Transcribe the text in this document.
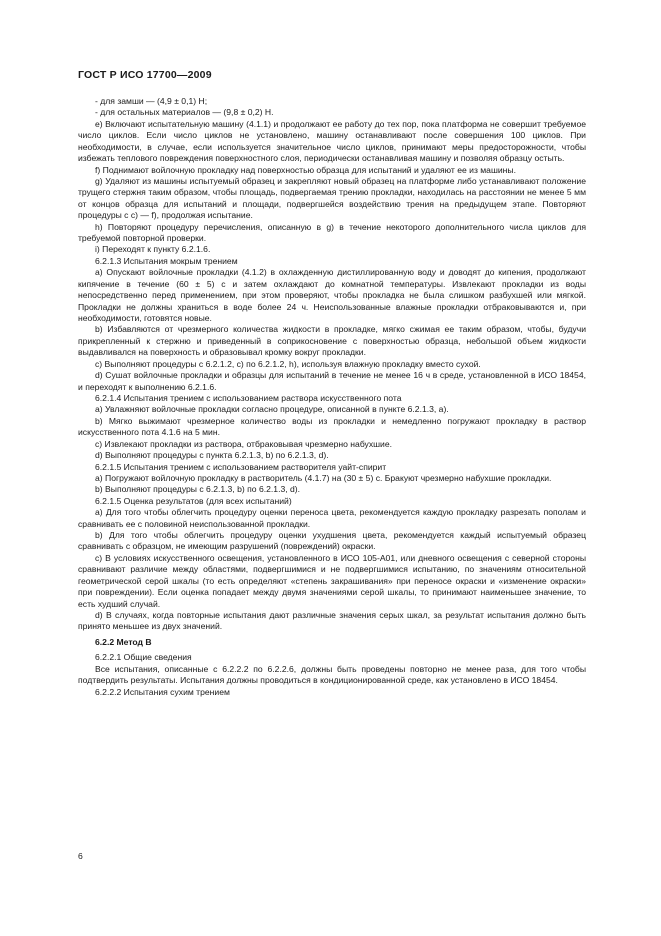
ГОСТ Р ИСО 17700—2009

- для замши — (4,9 ± 0,1) Н;

- для остальных материалов — (9,8 ± 0,2) Н.

e) Включают испытательную машину (4.1.1) и продолжают ее работу до тех пор, пока платформа не совершит требуемое число циклов. Если число циклов не установлено, машину останавливают после совершения 100 циклов. При необходимости, в случае, если используется значительное число циклов, принимают меры предосторожности, чтобы избежать теплового повреждения поверхностного слоя, периодически останавливая машину и позволяя образцу остыть.

f) Поднимают войлочную прокладку над поверхностью образца для испытаний и удаляют ее из машины.

g) Удаляют из машины испытуемый образец и закрепляют новый образец на платформе либо устанавливают положение трущего стержня таким образом, чтобы площадь, подвергаемая трению прокладки, находилась на расстоянии не менее 5 мм от концов образца для испытаний и площади, подвергшейся воздействию трения на предыдущем этапе. Повторяют процедуры с c) — f), продолжая испытание.

h) Повторяют процедуру перечисления, описанную в g) в течение некоторого дополнительного числа циклов для требуемой повторной проверки.

i) Переходят к пункту 6.2.1.6.

6.2.1.3 Испытания мокрым трением

a) Опускают войлочные прокладки (4.1.2) в охлажденную дистиллированную воду и доводят до кипения, продолжают кипячение в течение (60 ± 5) с и затем охлаждают до комнатной температуры. Извлекают прокладки из воды непосредственно перед применением, при этом проверяют, чтобы прокладка не была слишком разбухшей или мягкой. Прокладки не должны храниться в воде более 24 ч. Неиспользованные влажные прокладки отбраковываются и, при необходимости, готовятся новые.

b) Избавляются от чрезмерного количества жидкости в прокладке, мягко сжимая ее таким образом, чтобы, будучи прикрепленный к стержню и приведенный в соприкосновение с поверхностью образца, небольшой объем жидкости выдавливался на поверхность и образовывал кромку вокруг прокладки.

c) Выполняют процедуры с 6.2.1.2, c) по 6.2.1.2, h), используя влажную прокладку вместо сухой.

d) Сушат войлочные прокладки и образцы для испытаний в течение не менее 16 ч в среде, установленной в ИСО 18454, и переходят к выполнению 6.2.1.6.

6.2.1.4 Испытания трением с использованием раствора искусственного пота

a) Увлажняют войлочные прокладки согласно процедуре, описанной в пункте 6.2.1.3, a).

b) Мягко выжимают чрезмерное количество воды из прокладки и немедленно погружают прокладку в раствор искусственного пота 4.1.6 на 5 мин.

c) Извлекают прокладки из раствора, отбраковывая чрезмерно набухшие.

d) Выполняют процедуры с пункта 6.2.1.3, b) по 6.2.1.3, d).

6.2.1.5 Испытания трением с использованием растворителя уайт-спирит

a) Погружают войлочную прокладку в растворитель (4.1.7) на (30 ± 5) с. Бракуют чрезмерно набухшие прокладки.

b) Выполняют процедуры с 6.2.1.3, b) по 6.2.1.3, d).

6.2.1.5 Оценка результатов (для всех испытаний)

a) Для того чтобы облегчить процедуру оценки переноса цвета, рекомендуется каждую прокладку разрезать пополам и сравнивать ее с половиной неиспользованной прокладки.

b) Для того чтобы облегчить процедуру оценки ухудшения цвета, рекомендуется каждый испытуемый образец сравнивать с образцом, не имеющим разрушений (повреждений) окраски.

c) В условиях искусственного освещения, установленного в ИСО 105-A01, или дневного освещения с северной стороны сравнивают различие между областями, подвергшимися и не подвергшимися испытанию, по значениям относительной геометрической серой шкалы (то есть определяют «степень закрашивания» при переносе окраски и «изменение окраски» при повреждении). Если оценка попадает между двумя значениями серой шкалы, то принимают наименьшее значение, то есть худший случай.

d) В случаях, когда повторные испытания дают различные значения серых шкал, за результат испытания должно быть принято меньшее из двух значений.

6.2.2 Метод В

6.2.2.1 Общие сведения

Все испытания, описанные с 6.2.2.2 по 6.2.2.6, должны быть проведены повторно не менее раза, для того чтобы подтвердить результаты. Испытания должны проводиться в кондиционированной среде, как установлено в ИСО 18454.

6.2.2.2 Испытания сухим трением

6
